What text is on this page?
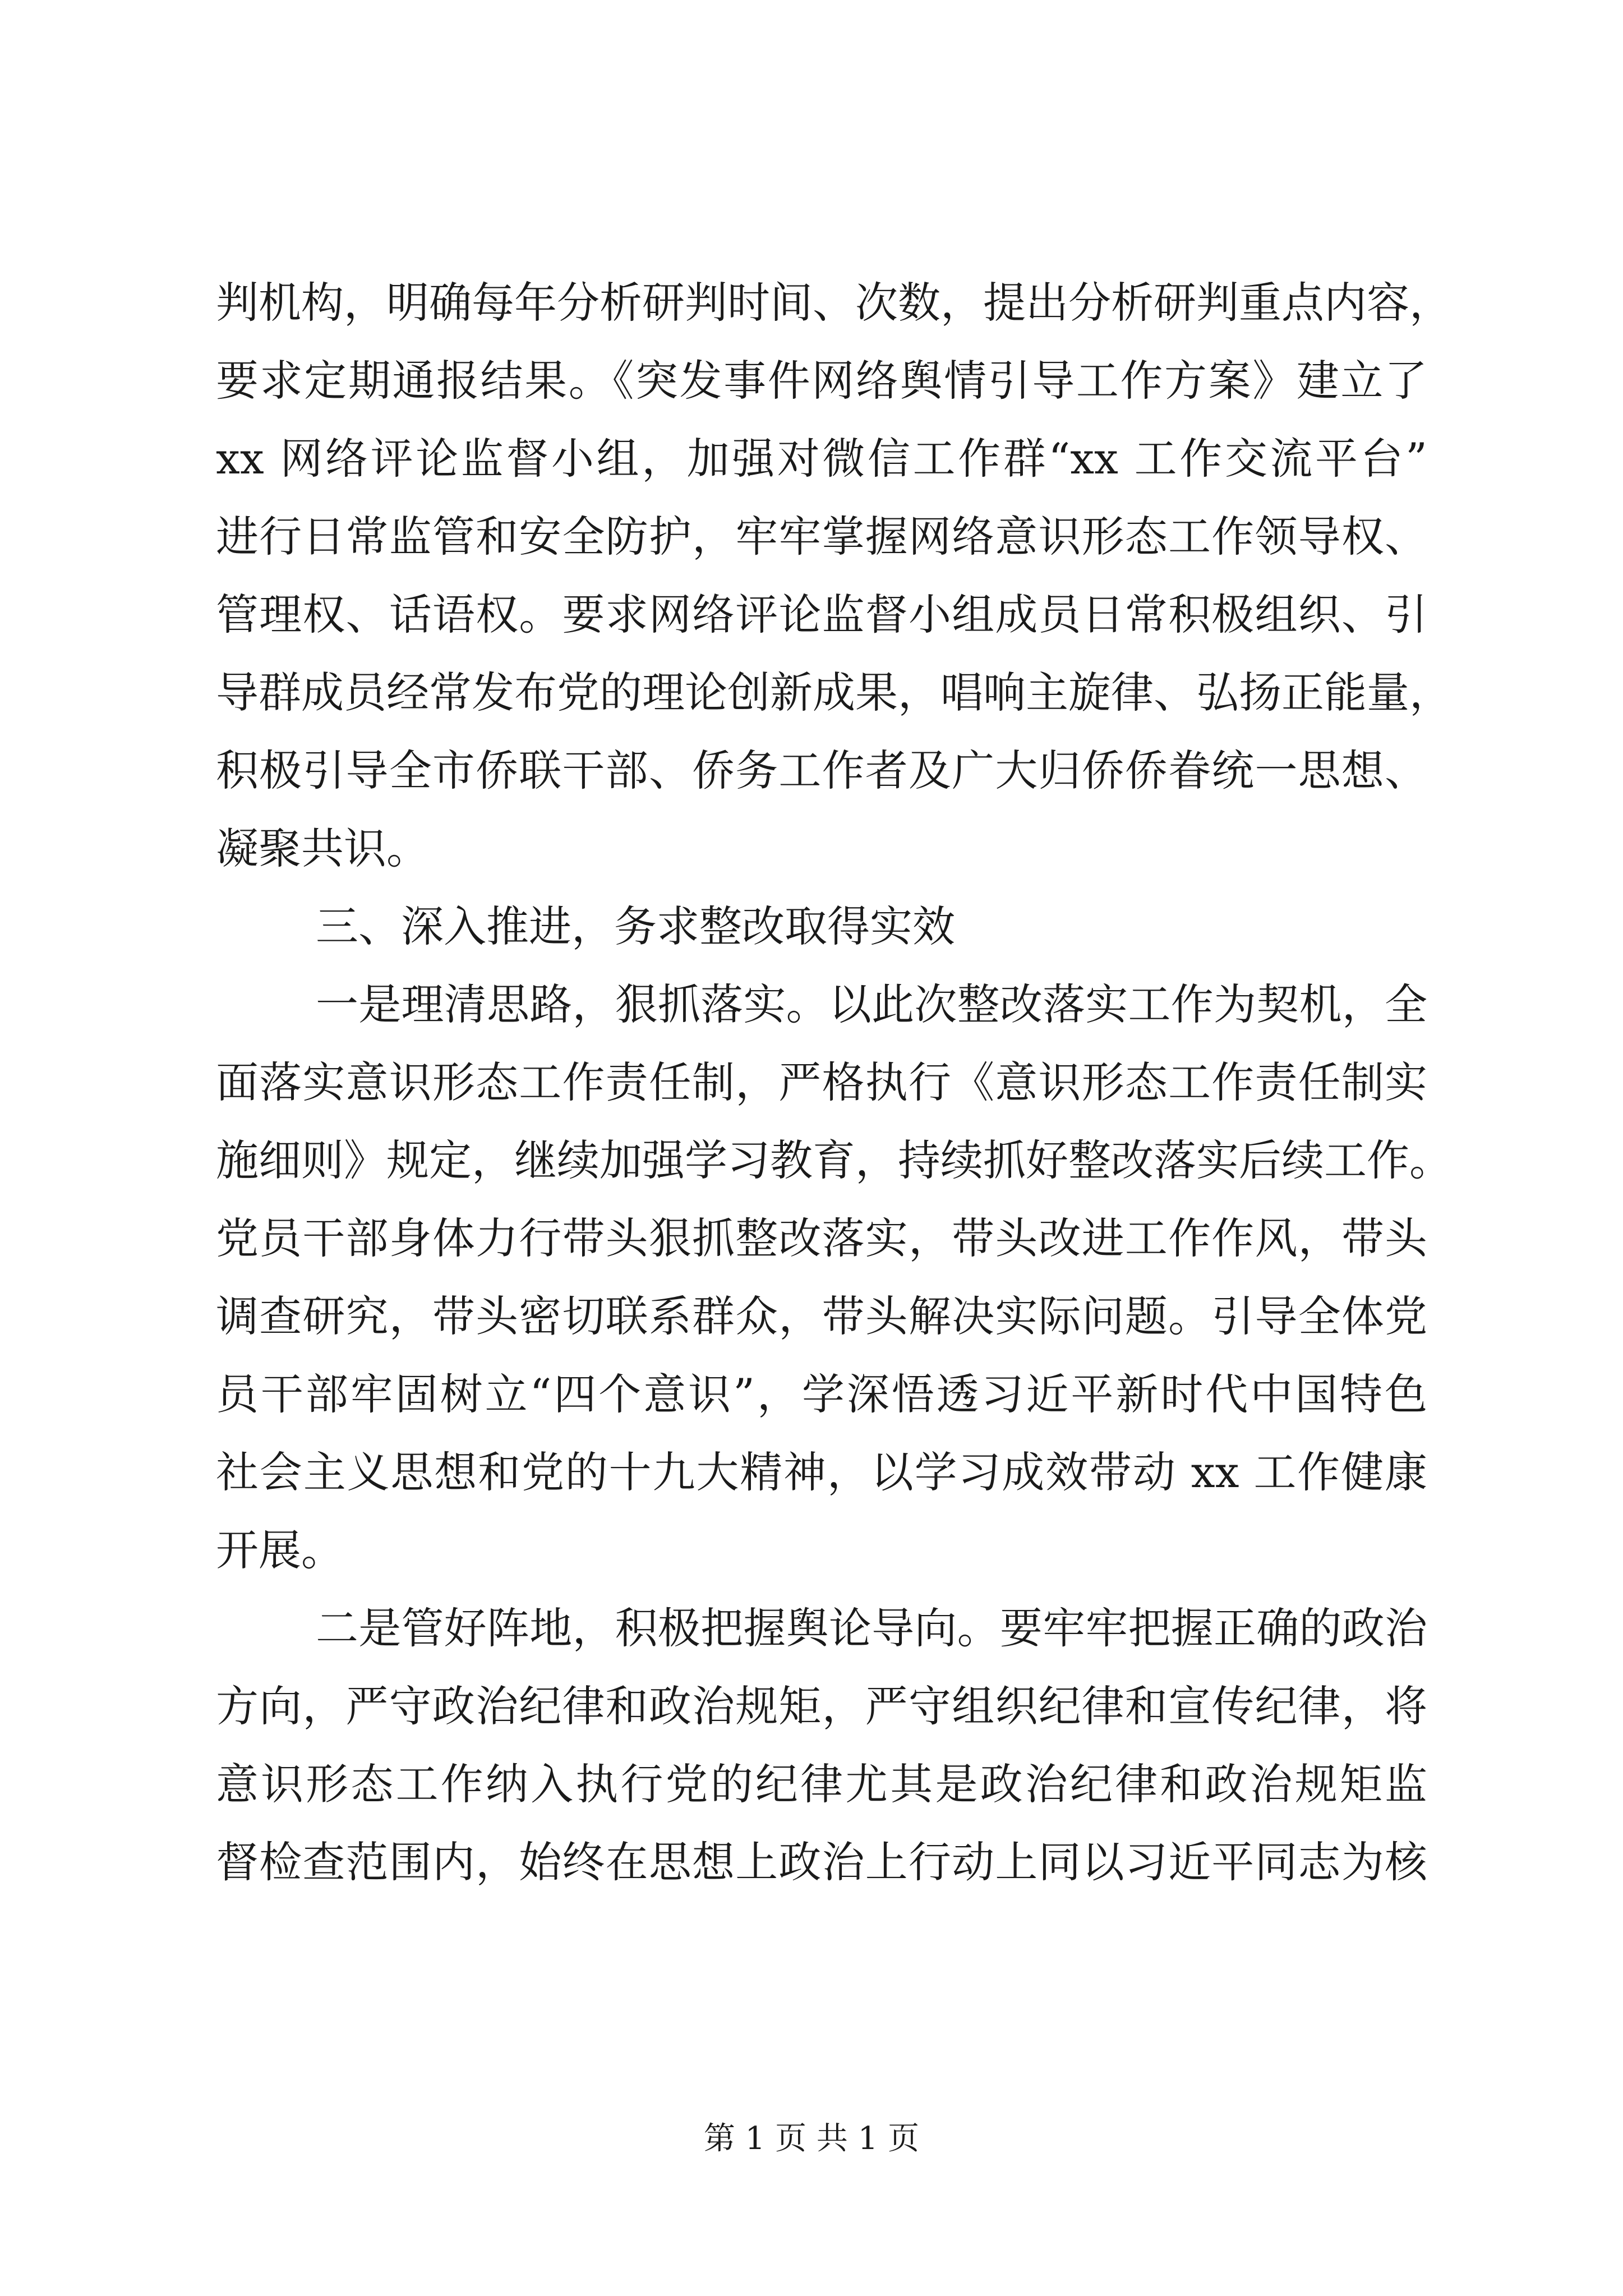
判机构，明确每年分析研判时间、次数，提出分析研判重点内容，
要求定期通报结果。《突发事件网络舆情引导工作方案》建立了
xx 网络评论监督小组，加强对微信工作群“xx 工作交流平台”
进行日常监管和安全防护，牢牢掌握网络意识形态工作领导权、
管理权、话语权。要求网络评论监督小组成员日常积极组织、引
导群成员经常发布党的理论创新成果，唱响主旋律、弘扬正能量，
积极引导全市侨联干部、侨务工作者及广大归侨侨眷统一思想、
凝聚共识。
三、深入推进，务求整改取得实效
一是理清思路，狠抓落实。以此次整改落实工作为契机，全
面落实意识形态工作责任制，严格执行《意识形态工作责任制实
施细则》规定，继续加强学习教育，持续抓好整改落实后续工作。
党员干部身体力行带头狠抓整改落实，带头改进工作作风，带头
调查研究，带头密切联系群众，带头解决实际问题。引导全体党
员干部牢固树立“四个意识”，学深悟透习近平新时代中国特色
社会主义思想和党的十九大精神，以学习成效带动 xx 工作健康
开展。
二是管好阵地，积极把握舆论导向。要牢牢把握正确的政治
方向，严守政治纪律和政治规矩，严守组织纪律和宣传纪律，将
意识形态工作纳入执行党的纪律尤其是政治纪律和政治规矩监
督检查范围内，始终在思想上政治上行动上同以习近平同志为核
第 1 页 共 1 页
